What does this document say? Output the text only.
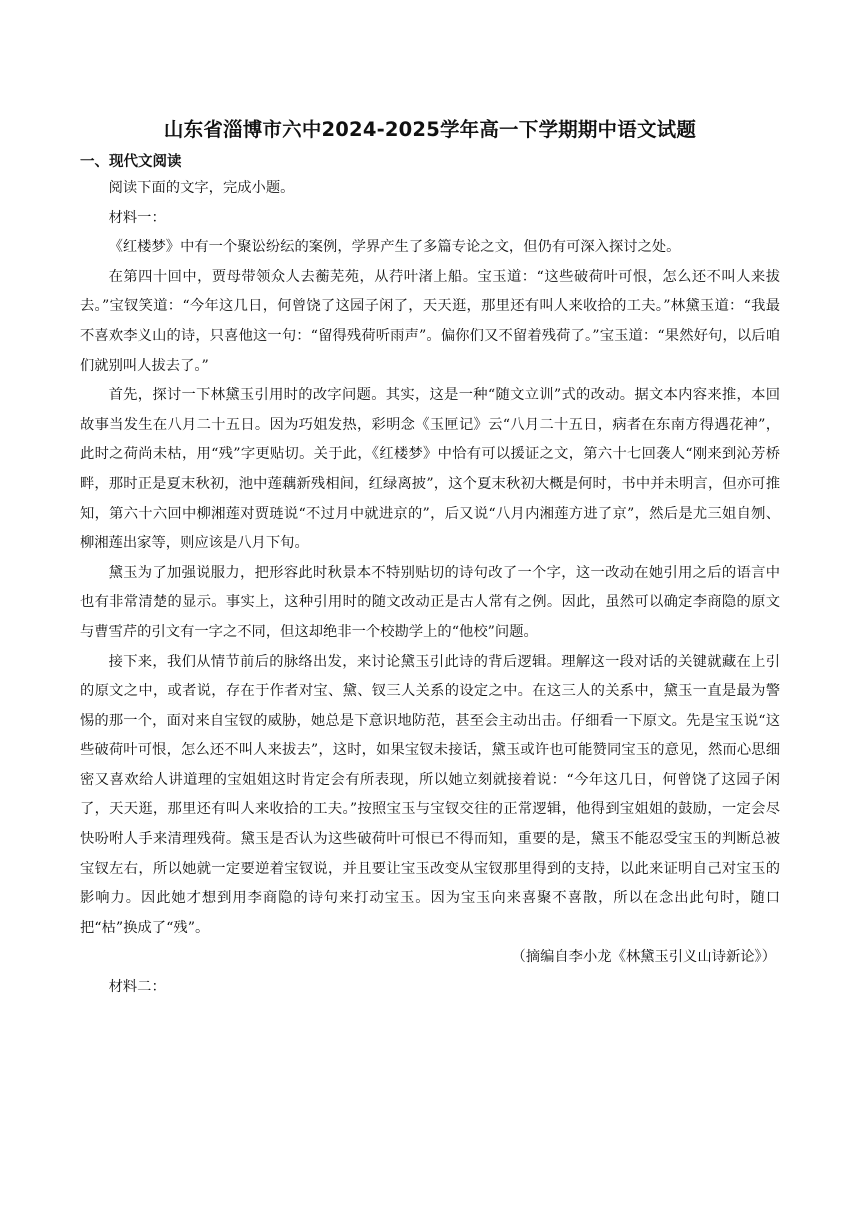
山东省淄博市六中2024-2025学年高一下学期期中语文试题
一、现代文阅读

阅读下面的文字，完成小题。

材料一：

《红楼梦》中有一个聚讼纷纭的案例，学界产生了多篇专论之文，但仍有可深入探讨之处。

在第四十回中，贾母带领众人去蘅芜苑，从荇叶渚上船。宝玉道：“这些破荷叶可恨，怎么还不叫人来拔去。”宝钗笑道：“今年这几日，何曾饶了这园子闲了，天天逛，那里还有叫人来收拾的工夫。”林黛玉道：“我最不喜欢李义山的诗，只喜他这一句：“留得残荷听雨声”。偏你们又不留着残荷了。”宝玉道：“果然好句，以后咱们就别叫人拔去了。”

首先，探讨一下林黛玉引用时的改字问题。其实，这是一种“随文立训”式的改动。据文本内容来推，本回故事当发生在八月二十五日。因为巧姐发热，彩明念《玉匣记》云“八月二十五日，病者在东南方得遇花神”，此时之荷尚未枯，用“残”字更贴切。关于此，《红楼梦》中恰有可以援证之文，第六十七回袭人“刚来到沁芳桥畔，那时正是夏末秋初，池中莲藕新残相间，红绿离披”，这个夏末秋初大概是何时，书中并未明言，但亦可推知，第六十六回中柳湘莲对贾琏说“不过月中就进京的”，后又说“八月内湘莲方进了京”，然后是尤三姐自刎、柳湘莲出家等，则应该是八月下旬。

黛玉为了加强说服力，把形容此时秋景本不特别贴切的诗句改了一个字，这一改动在她引用之后的语言中也有非常清楚的显示。事实上，这种引用时的随文改动正是古人常有之例。因此，虽然可以确定李商隐的原文与曹雪芹的引文有一字之不同，但这却绝非一个校勘学上的“他校”问题。

接下来，我们从情节前后的脉络出发，来讨论黛玉引此诗的背后逻辑。理解这一段对话的关键就藏在上引的原文之中，或者说，存在于作者对宝、黛、钗三人关系的设定之中。在这三人的关系中，黛玉一直是最为警惕的那一个，面对来自宝钗的威胁，她总是下意识地防范，甚至会主动出击。仔细看一下原文。先是宝玉说“这些破荷叶可恨，怎么还不叫人来拔去”，这时，如果宝钗未接话，黛玉或许也可能赞同宝玉的意见，然而心思细密又喜欢给人讲道理的宝姐姐这时肯定会有所表现，所以她立刻就接着说：“今年这几日，何曾饶了这园子闲了，天天逛，那里还有叫人来收拾的工夫。”按照宝玉与宝钗交往的正常逻辑，他得到宝姐姐的鼓励，一定会尽快吩咐人手来清理残荷。黛玉是否认为这些破荷叶可恨已不得而知，重要的是，黛玉不能忍受宝玉的判断总被宝钗左右，所以她就一定要逆着宝钗说，并且要让宝玉改变从宝钗那里得到的支持，以此来证明自己对宝玉的影响力。因此她才想到用李商隐的诗句来打动宝玉。因为宝玉向来喜聚不喜散，所以在念出此句时，随口把“枯”换成了“残”。

（摘编自李小龙《林黛玉引义山诗新论》）

材料二：
